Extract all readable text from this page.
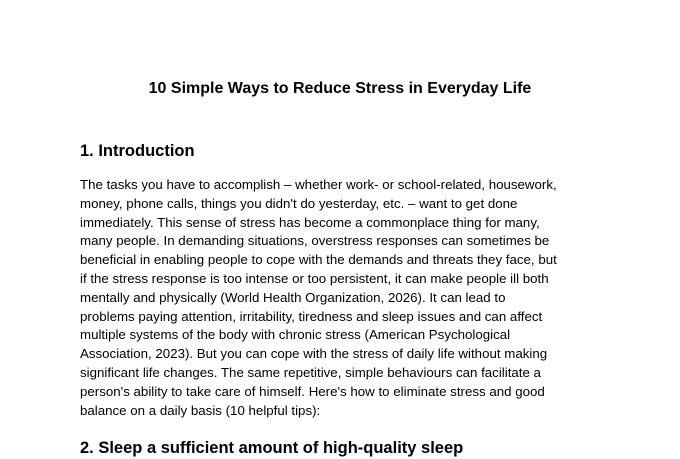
10 Simple Ways to Reduce Stress in Everyday Life
1. Introduction

The tasks you have to accomplish – whether work- or school-related, housework,
money, phone calls, things you didn't do yesterday, etc. – want to get done
immediately. This sense of stress has become a commonplace thing for many,
many people. In demanding situations, overstress responses can sometimes be
beneficial in enabling people to cope with the demands and threats they face, but
if the stress response is too intense or too persistent, it can make people ill both
mentally and physically (World Health Organization, 2026). It can lead to
problems paying attention, irritability, tiredness and sleep issues and can affect
multiple systems of the body with chronic stress (American Psychological
Association, 2023). But you can cope with the stress of daily life without making
significant life changes. The same repetitive, simple behaviours can facilitate a
person's ability to take care of himself. Here's how to eliminate stress and good
balance on a daily basis (10 helpful tips):

2. Sleep a sufficient amount of high-quality sleep
